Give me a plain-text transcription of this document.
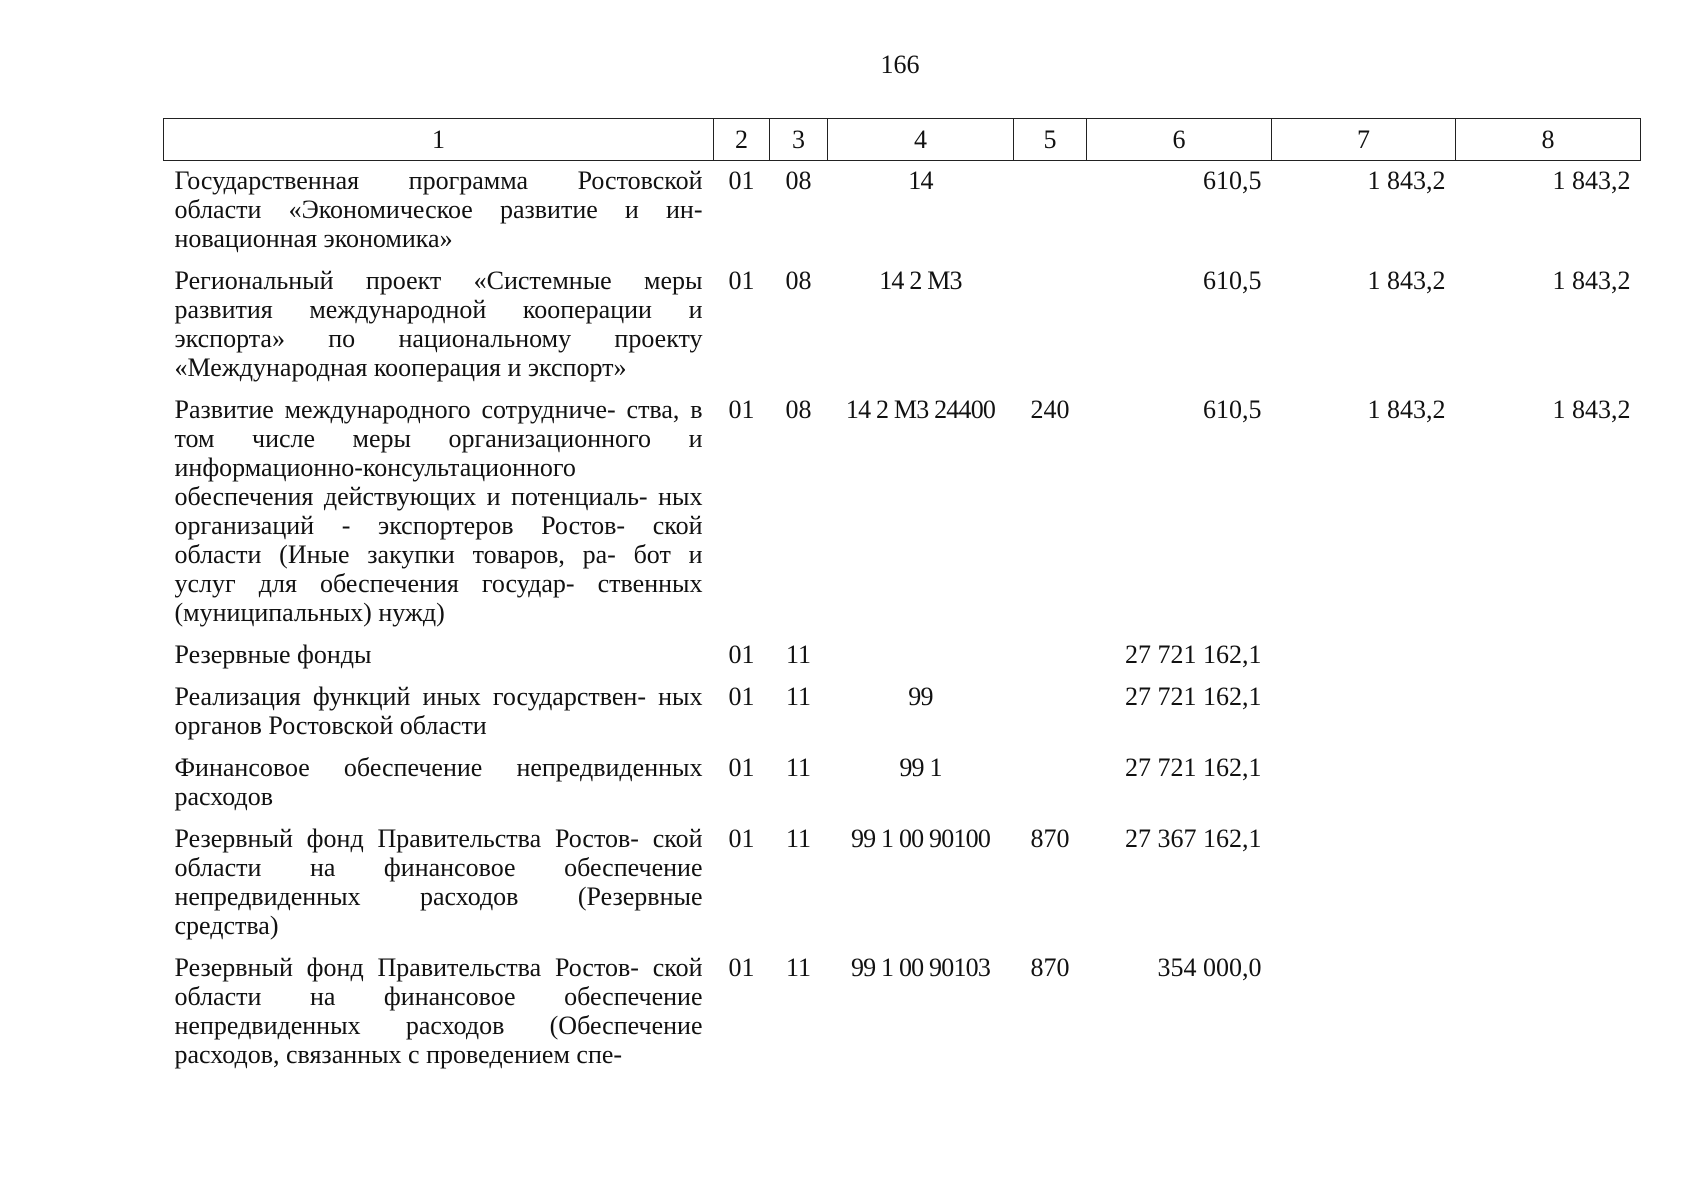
166
1	2	3	4	5	6	7	8
Государственная программа Ростовской области «Экономическое развитие и ин- новационная экономика»	01	08	14		610,5	1 843,2	1 843,2
Региональный проект «Системные меры развития международной кооперации и экспорта» по национальному проекту «Международная кооперация и экспорт»	01	08	14 2 M3		610,5	1 843,2	1 843,2
Развитие международного сотрудниче- ства, в том числе меры организационного и информационно-консультационного обеспечения действующих и потенциаль- ных организаций - экспортеров Ростов- ской области (Иные закупки товаров, ра- бот и услуг для обеспечения государ- ственных (муниципальных) нужд)	01	08	14 2 M3 24400	240	610,5	1 843,2	1 843,2
Резервные фонды	01	11			27 721 162,1		
Реализация функций иных государствен- ных органов Ростовской области	01	11	99		27 721 162,1		
Финансовое обеспечение непредвиденных расходов	01	11	99 1		27 721 162,1		
Резервный фонд Правительства Ростов- ской области на финансовое обеспечение непредвиденных расходов (Резервные средства)	01	11	99 1 00 90100	870	27 367 162,1		
Резервный фонд Правительства Ростов- ской области на финансовое обеспечение непредвиденных расходов (Обеспечение расходов, связанных с проведением спе-	01	11	99 1 00 90103	870	354 000,0		
